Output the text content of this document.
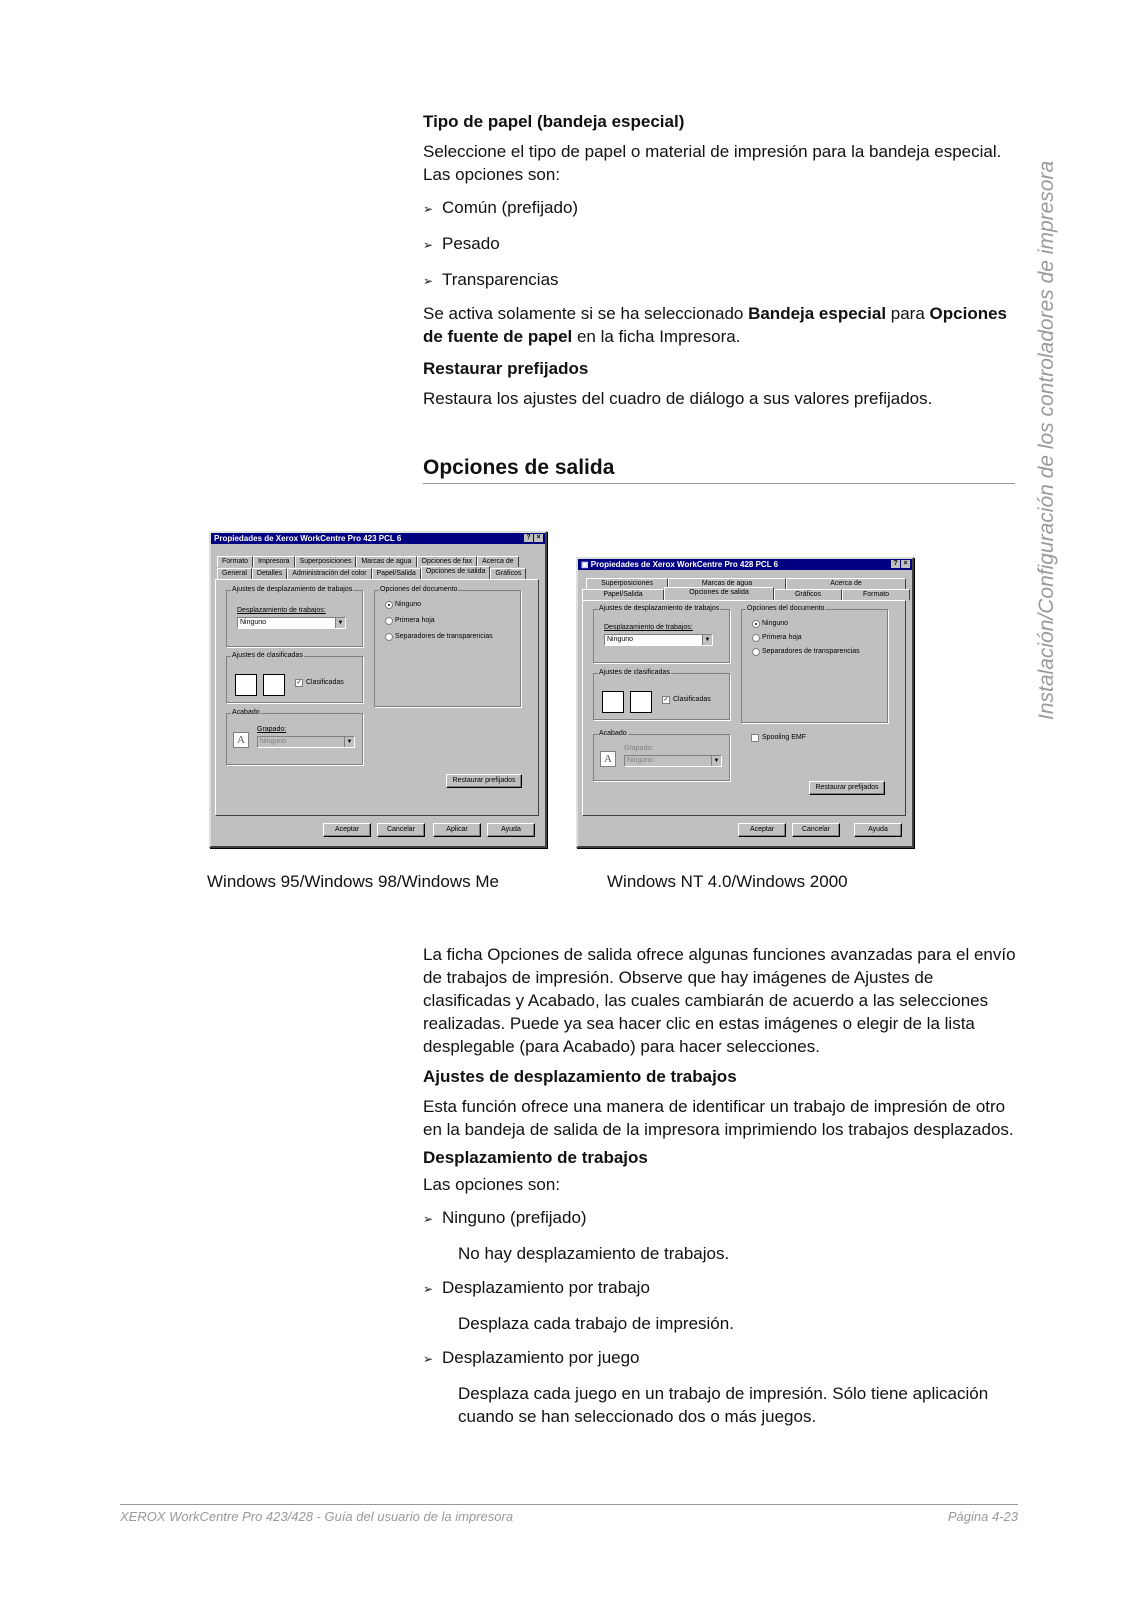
Instalación/Configuración de los controladores de impresora

Tipo de papel (bandeja especial)

Seleccione el tipo de papel o material de impresión para la bandeja especial. Las opciones son:

➢ Común (prefijado)
➢ Pesado
➢ Transparencias

Se activa solamente si se ha seleccionado Bandeja especial para Opciones de fuente de papel en la ficha Impresora.

Restaurar prefijados

Restaura los ajustes del cuadro de diálogo a sus valores prefijados.

Opciones de salida
Propiedades de Xerox WorkCentre Pro 423 PCL 6	? ×
Formato	Impresora	Superposiciones	Marcas de agua	Opciones de fax	Acerca de
General	Detalles	Administración del color	Papel/Salida	Opciones de salida	Gráficos
Ajustes de desplazamiento de trabajos
Desplazamiento de trabajos:
Ninguno	▼
Ajustes de clasificadas
✓ Clasificadas
Acabado
A
Grapado:
Ninguno	▼
Opciones del documento
Ninguno
Primera hoja
Separadores de transparencias
Restaurar prefijados
Aceptar	Cancelar	Aplicar	Ayuda
▣ Propiedades de Xerox WorkCentre Pro 428 PCL 6	? ×
Superposiciones	Marcas de agua	Acerca de
Papel/Salida	Opciones de salida	Gráficos	Formato
Ajustes de desplazamiento de trabajos
Desplazamiento de trabajos:
Ninguno	▼
Ajustes de clasificadas
✓ Clasificadas
Acabado
A
Grapado:
Ninguno	▼
Opciones del documento
Ninguno
Primera hoja
Separadores de transparencias
Spooling EMF
Restaurar prefijados
Aceptar	Cancelar	Ayuda
Windows 95/Windows 98/Windows Me	Windows NT 4.0/Windows 2000

La ficha Opciones de salida ofrece algunas funciones avanzadas para el envío de trabajos de impresión. Observe que hay imágenes de Ajustes de clasificadas y Acabado, las cuales cambiarán de acuerdo a las selecciones realizadas. Puede ya sea hacer clic en estas imágenes o elegir de la lista desplegable (para Acabado) para hacer selecciones.

Ajustes de desplazamiento de trabajos

Esta función ofrece una manera de identificar un trabajo de impresión de otro en la bandeja de salida de la impresora imprimiendo los trabajos desplazados.

Desplazamiento de trabajos

Las opciones son:

➢ Ninguno (prefijado)
No hay desplazamiento de trabajos.
➢ Desplazamiento por trabajo
Desplaza cada trabajo de impresión.
➢ Desplazamiento por juego
Desplaza cada juego en un trabajo de impresión. Sólo tiene aplicación cuando se han seleccionado dos o más juegos.
XEROX WorkCentre Pro 423/428 - Guía del usuario de la impresora	Página 4-23
